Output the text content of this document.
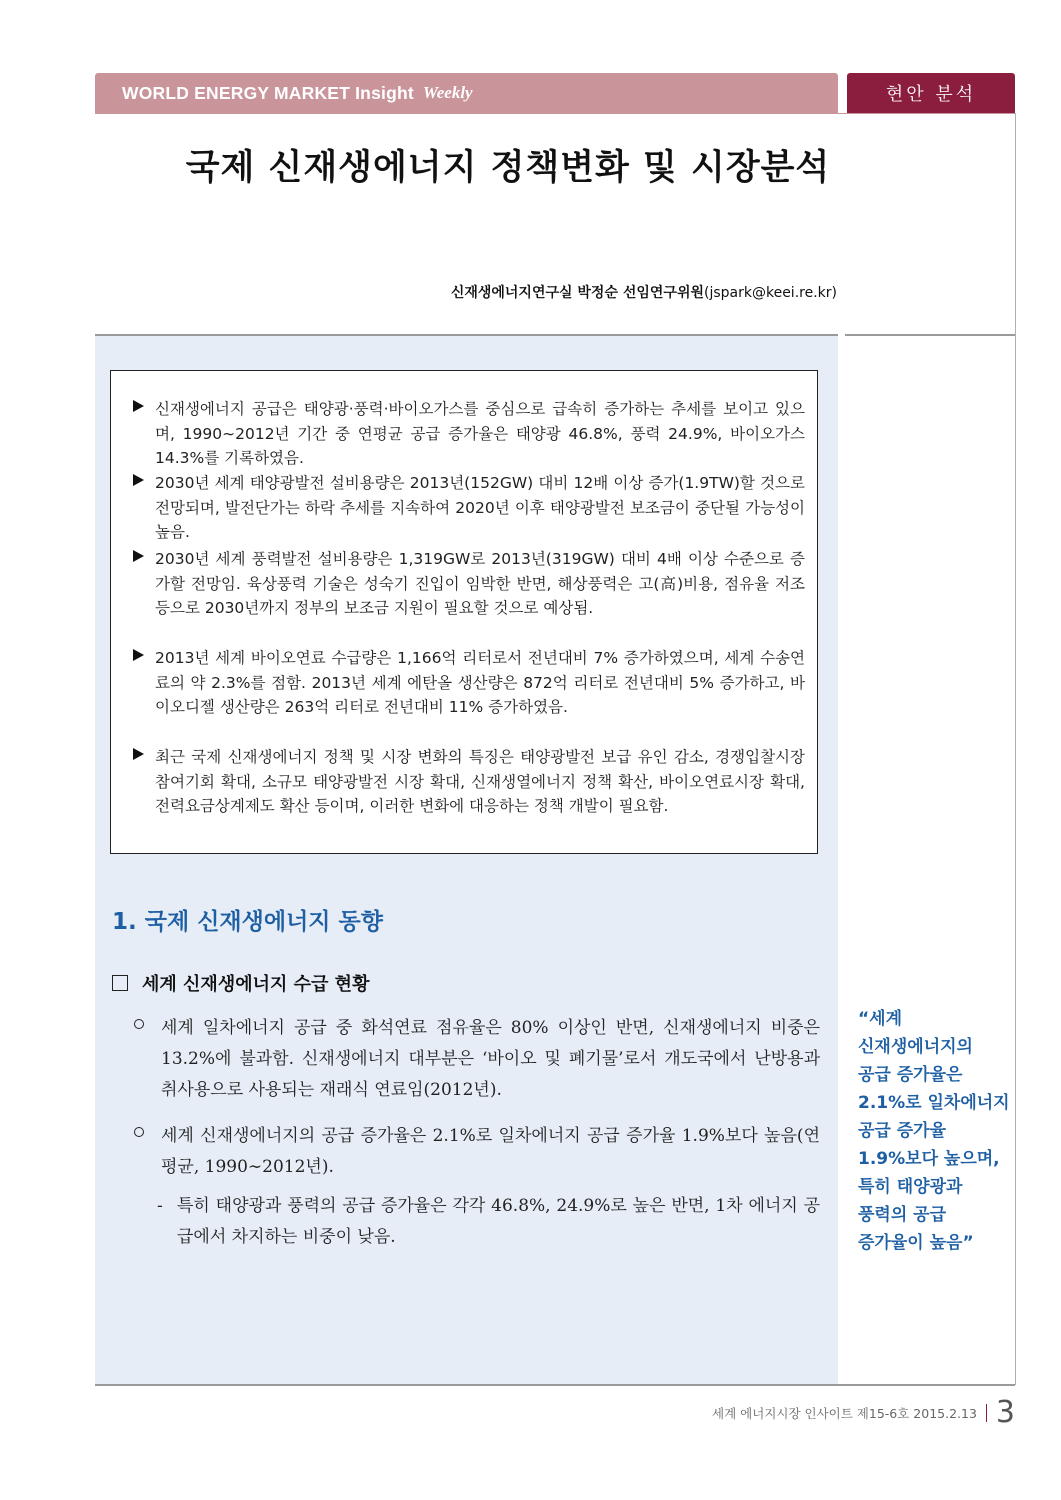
WORLD ENERGY MARKET Insight Weekly	현안 분석
국제 신재생에너지 정책변화 및 시장분석
신재생에너지연구실 박정순 선임연구위원(jspark@keei.re.kr)
신재생에너지 공급은 태양광·풍력·바이오가스를 중심으로 급속히 증가하는 추세를 보이고 있으며, 1990∼2012년 기간 중 연평균 공급 증가율은 태양광 46.8%, 풍력 24.9%, 바이오가스 14.3%를 기록하였음.
2030년 세계 태양광발전 설비용량은 2013년(152GW) 대비 12배 이상 증가(1.9TW)할 것으로 전망되며, 발전단가는 하락 추세를 지속하여 2020년 이후 태양광발전 보조금이 중단될 가능성이 높음.
2030년 세계 풍력발전 설비용량은 1,319GW로 2013년(319GW) 대비 4배 이상 수준으로 증가할 전망임. 육상풍력 기술은 성숙기 진입이 임박한 반면, 해상풍력은 고(高)비용, 점유율 저조 등으로 2030년까지 정부의 보조금 지원이 필요할 것으로 예상됨.
2013년 세계 바이오연료 수급량은 1,166억 리터로서 전년대비 7% 증가하였으며, 세계 수송연료의 약 2.3%를 점함. 2013년 세계 에탄올 생산량은 872억 리터로 전년대비 5% 증가하고, 바이오디젤 생산량은 263억 리터로 전년대비 11% 증가하였음.
최근 국제 신재생에너지 정책 및 시장 변화의 특징은 태양광발전 보급 유인 감소, 경쟁입찰시장 참여기회 확대, 소규모 태양광발전 시장 확대, 신재생열에너지 정책 확산, 바이오연료시장 확대, 전력요금상계제도 확산 등이며, 이러한 변화에 대응하는 정책 개발이 필요함.
1. 국제 신재생에너지 동향
세계 신재생에너지 수급 현황
세계 일차에너지 공급 중 화석연료 점유율은 80% 이상인 반면, 신재생에너지 비중은 13.2%에 불과함. 신재생에너지 대부분은 ‘바이오 및 폐기물’로서 개도국에서 난방용과 취사용으로 사용되는 재래식 연료임(2012년).
세계 신재생에너지의 공급 증가율은 2.1%로 일차에너지 공급 증가율 1.9%보다 높음(연평균, 1990∼2012년).
- 특히 태양광과 풍력의 공급 증가율은 각각 46.8%, 24.9%로 높은 반면, 1차 에너지 공급에서 차지하는 비중이 낮음.
“세계
신재생에너지의
공급 증가율은
2.1%로 일차에너지
공급 증가율
1.9%보다 높으며,
특히 태양광과
풍력의 공급
증가율이 높음”
세계 에너지시장 인사이트 제15-6호 2015.2.13 3
